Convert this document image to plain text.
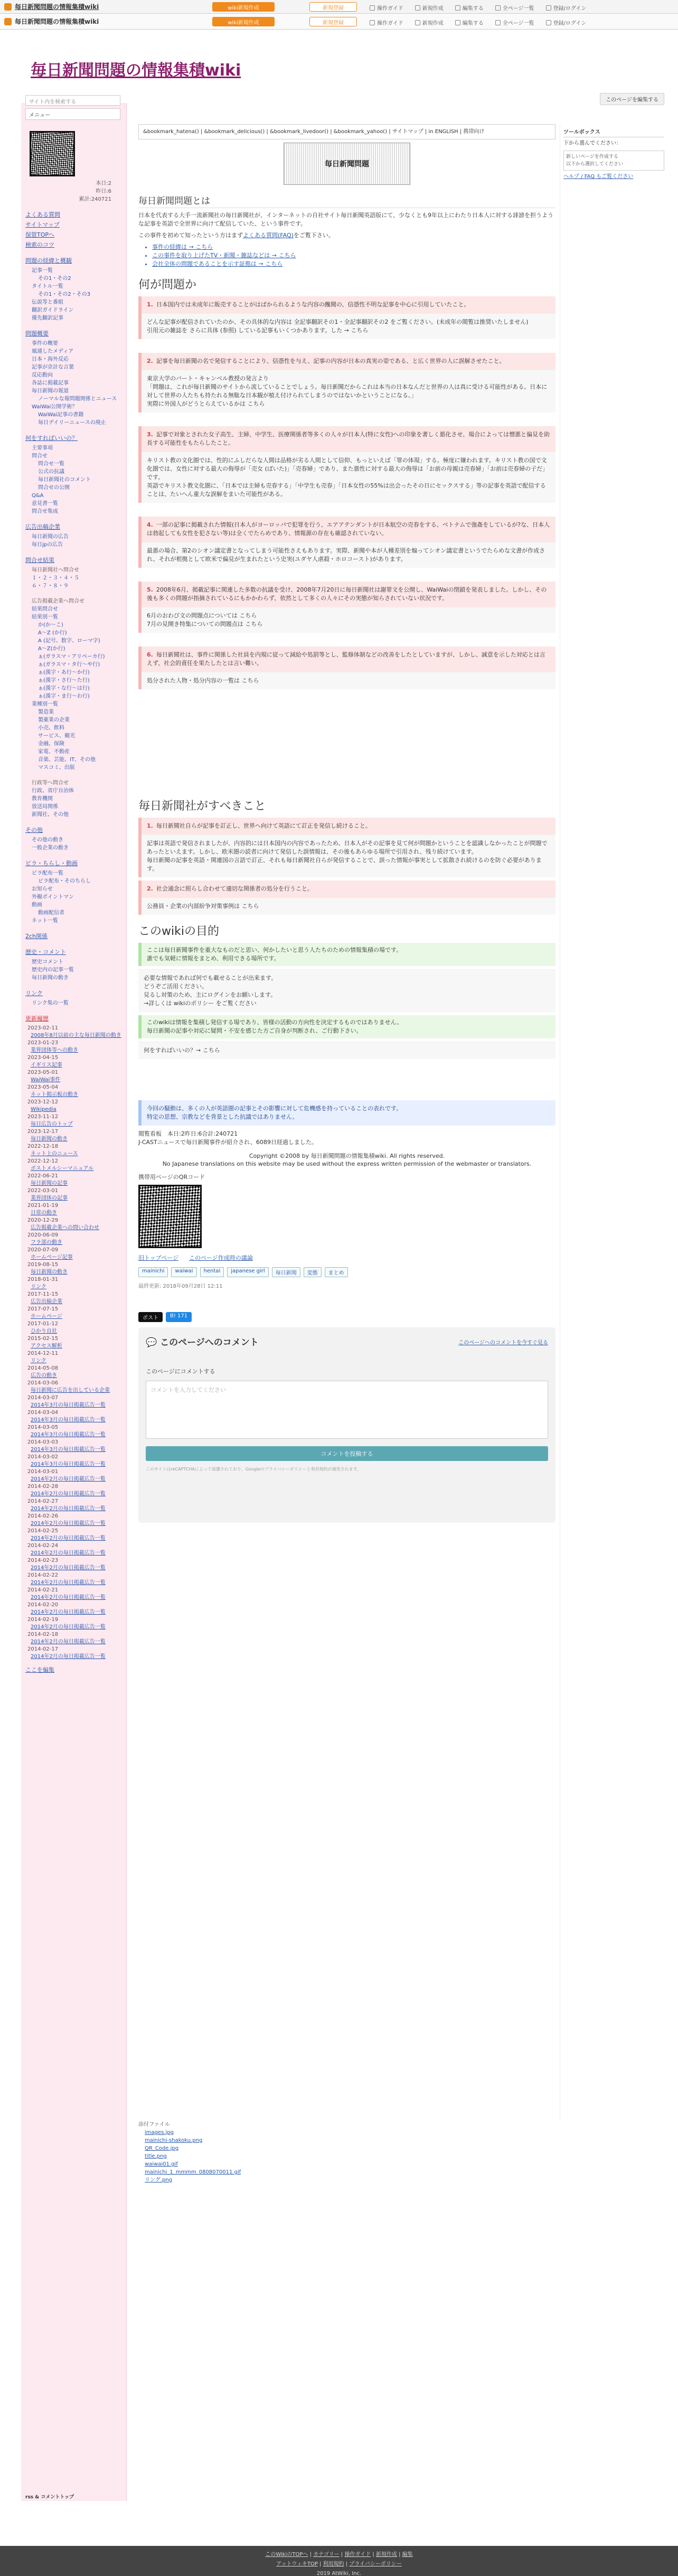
毎日新聞問題の情報集積wiki	wiki新規作成	新規登録	操作ガイド	新規作成	編集する	全ページ一覧	登録/ログイン
毎日新聞問題の情報集積wiki	wiki新規作成	新規登録	操作ガイド	新規作成	編集する	全ページ一覧	登録/ログイン
毎日新聞問題の情報集積wiki
このページを編集する
本日:2
昨日:6
累計:240721
よくある質問
サイトマップ
保管TOPへ
検索のコツ
問題の経緯と概観
記事一覧
その1・その2
タイトル一覧
その1・その2・その3
伝説等と番組
翻訳ガイドライン
優先翻訳記事
問題概要
事件の概要
風通したメディア
日本・海外反応
記事が余計な言葉
反応動向
各誌に掲載記事
毎日新聞の報道
ノーマルな報問題関係とニュース
WaiWai公開学術？
WaiWai記事の書籍
毎日デイリーニュースの廃止
何をすればいいの？
主要事項
問合せ
問合せ一覧
公式の抗議
毎日新聞社のコメント
問合せの公開
Q&A
意見書一覧
問合せ集成
広告出稿企業
毎日新聞の広告
毎日jpの広告
問合せ結果
毎日新聞社へ問合せ
１・２・３・４・５
６・７・８・９
広告掲載企業へ問合せ
結果問合せ
結果別一覧
か(か〜こ)
A〜Z (か行)
A (記号、数字、ローマ字)
A〜Z(か行)
ぁ(ガラスマ・アリペーカ行)
ぁ(ガラスマ・タ行〜や行)
ぁ(漢字・あ行〜か行)
ぁ(漢字・さ行〜た行)
ぁ(漢字・な行〜は行)
ぁ(漢字・ま行〜わ行)
業種別一覧
製造業
製薬業の企業
小売、飲料
サービス、観光
金融、保険
家電、不動産
音楽、芸能、IT、その他
マスコミ、出版
行政等へ問合せ
行政、省庁自治体
教育機関
放送局関係
新聞社、その他
その他
その他の動き
一般企業の動き
ビラ・ちらし・動画
ビラ配布一覧
ビラ配布・そのちらし
お知らせ
外観ポイントマン
動画
動画配信者
ネット一覧
2ch関係
歴史・コメント
歴史コメント
歴史内の記事一覧
毎日新聞の動き
リンク
リンク集の一覧
更新履歴
2023-02-11
2008年8月以前の主な毎日新聞の動き
2023-01-23
業界団体等への動き
2023-04-15
イギリス記事
2023-05-01
WaiWai事件
2023-05-04
ネット掲示板の動き
2023-12-12
Wikipedia
2023-11-12
毎日広告のトップ
2023-12-17
毎日新聞の動き
2022-12-18
ネット上のニュース
2022-12-12
ポストメルシーマニュアル
2022-06-21
毎日新聞の記事
2022-03-01
業界団体の記事
2021-01-19
日常の動き
2020-12-29
広告掲載企業への問い合わせ
2020-06-09
フラ部の動き
2020-07-09
ホームページ記事
2019-08-15
毎日新聞の動き
2018-01-31
リンク
2017-11-15
広告出稿企業
2017-07-15
ホームページ
2017-01-12
ひかり自社
2015-02-15
アクセス解析
2014-12-11
リンク
2014-05-08
広告の動き
2014-03-06
毎日新聞に広告を出している企業
2014-03-07
2014年3月の毎日掲載広告一覧
2014-03-04
2014年3月の毎日掲載広告一覧
2014-03-05
2014年3月の毎日掲載広告一覧
2014-03-03
2014年3月の毎日掲載広告一覧
2014-03-02
2014年3月の毎日掲載広告一覧
2014-03-01
2014年2月の毎日掲載広告一覧
2014-02-28
2014年2月の毎日掲載広告一覧
2014-02-27
2014年2月の毎日掲載広告一覧
2014-02-26
2014年2月の毎日掲載広告一覧
2014-02-25
2014年2月の毎日掲載広告一覧
2014-02-24
2014年2月の毎日掲載広告一覧
2014-02-23
2014年2月の毎日掲載広告一覧
2014-02-22
2014年2月の毎日掲載広告一覧
2014-02-21
2014年2月の毎日掲載広告一覧
2014-02-20
2014年2月の毎日掲載広告一覧
2014-02-19
2014年2月の毎日掲載広告一覧
2014-02-18
2014年2月の毎日掲載広告一覧
2014-02-17
2014年2月の毎日掲載広告一覧
ここを編集
サイト内を検索する
メニュー
rss & コメントトップ
&bookmark_hatena() | &bookmark_delicious() | &bookmark_livedoor() | &bookmark_yahoo() | サイトマップ | in ENGLISH | 携帯向け
毎日新聞問題
毎日新聞問題とは

日本を代表する大手一流新聞社の毎日新聞社が、インターネットの自社サイト毎日新聞英語版にて、少なくとも9年以上にわたり日本人に対する誹謗を担うような記事を英語で全世界に向けて配信していた、という事件です。

この事件を初めて知ったという方はまずよくある質問(FAQ)をご覧下さい。

• 事件の経緯は → こちら
• この事件を取り上げたTV・新聞・雑誌などは → こちら
• 会社全体の問題であることを示す証拠は → こちら
何が問題か
1. 日本国内では未成年に販売することがはばかられるような内容の醜聞の、信憑性不明な記事を中心に引用していたこと。
どんな記事が配信されていたのか、その具体的な内容は 全記事翻訳その1・全記事翻訳その2 をご覧ください。(未成年の閲覧は推奨いたしません)
引用元の雑誌を さらに具体 (参照) している記事もいくつかあります。した → こちら
2. 記事を毎日新聞の名で発信することにより、信憑性を与え、記事の内容が日本の真実の姿である、と広く世界の人に誤解させたこと。
東京大学のバート・キャンベル教授の発言より
「問題は、これが毎日新聞のサイトから流していることでしょう。毎日新聞だからこれは本当の日本なんだと世界の人は真に受ける可能性がある。日本に対して世界の人たちも持たれる無駄な日本観が植え付けられてしまうのではないかということになる。」
実際に外国人がどうとらえているかは こちら
3. 記事で対象とされた女子高生、主婦、中学生、医療関係者等多くの人々が日本人(特に女性)への印象を著しく悪化させ、場合によっては憎悪と偏見を助長する可能性をもたらしたこと。
キリスト教の文化圏では、性的にふしだらな人間は品格が劣る人間として信仰、もっといえば「罪の体現」する。極度に嫌われます。キリスト教の国で文化圏では、女性に対する最大の侮辱が「売女 (ばいた)」「売春婦」であり、また悪性に対する最大の侮辱は「お前の母親は売春婦」「お前は売春婦の子だ」です。
英語でキリスト教文化圏に、「日本では主婦も売春する」「中学生も売春」「日本女性の55%は出会ったその日にセックスする」等の記事を英語で配信することは、たいへん重大な誤解をまいた可能性がある。
4. 一部の記事に掲載された情報(日本人がヨーロッパで犯罪を行う、エアアテンダントが日本航空の売春をする、ベトナムで強姦をしているが?な、日本人は勃起しても女性を犯さない等)は全くでたらめであり、情報源の存在も確認されていない。
最悪の場合、第2のシオン議定書となってしまう可能性さえもあります。実際、新聞や本が人種差別を煽ってシオン議定書というでたらめな文書が作成され、それが根拠として欧米で偏見が生まれたという史実(ユダヤ人虐殺・ホロコースト)があります。
5. 2008年6月、掲載記事に関連した多数の抗議を受け、2008年7月20日に毎日新聞社は謝罪文を公開し、WaiWaiの閉鎖を発表しました。しかし、その後も多くの問題が指摘されているにもかかわらず、依然として多くの人々にその実態が知らされていない状況です。
6月のおわび文の問題点については こちら
7月の見開き特集についての問題点は こちら
6. 毎日新聞社は、事件に関係した社員を内規に従って減給や処罰等とし、監修体制などの改善をしたとしていますが、しかし、誠意を示した対応とは言えず、社会的責任を果たしたとは言い難い。
処分された人物・処分内容の一覧は こちら
毎日新聞社がすべきこと
1. 毎日新聞社自らが記事を訂正し、世界へ向けて英語にて訂正を発信し続けること。
記事は英語で発信されましたが、内容的には日本国内の内容であったため、日本人がその記事を見て何が問題かということを認識しなかったことが問題であったといえます。しかし、欧米圏の読者に向けて発信した誤情報は、その後もあらゆる場所で引用され、残り続けています。
毎日新聞の記事を英語・関連国の言語で訂正、それも毎日新聞社自らが発信することで、誤った情報が事実として拡散され続けるのを防ぐ必要があります。
2. 社会通念に照らし合わせて適切な関係者の処分を行うこと。
公務員・企業の内部紛争対策事例は こちら
このwikiの目的
ここは毎日新聞事件を重大なものだと思い、何かしたいと思う人たちのための情報集積の場です。
誰でも気軽に情報をまとめ、利用できる場所です。
必要な情報であれば何でも載せることが出来ます。
どうぞご活用ください。
見るし対策のため、主にログインをお願いします。
→詳しくは wikiのポリシー をご覧ください
このwikiは情報を集積し発信する場であり、皆様の活動の方向性を決定するものではありません。
毎日新聞の記事や対応に疑問・不安を感じた方ご自身が判断され、ご行動下さい。
何をすればいいの？→ こちら
今回の騒動は、多くの人が英語圏の記事とその影響に対して危機感を持っていることの表れです。
特定の思想、宗教などを背景とした抗議ではありません。
閲覧看板　本日:2昨日:6合計:240721
J-CASTニュースで毎日新聞事件が紹介され、6089日経過しました。
Copyright ©2008 by 毎日新聞問題の情報集積wiki. All rights reserved.
No Japanese translations on this website may be used without the express written permission of the webmaster or translators.
携帯用ページのQRコード
旧トップページ このページ作成時の議論
mainichi	waiwai	hentai	japanese girl	毎日新聞	変態	まとめ
最終更新: 2018年09月28日 12:11
ポスト	B! 171
💬 このページへのコメント	このページへのコメントを今すぐ見る
このページにコメントする
コメントを入力してください
コメントを投稿する
このサイトはreCAPTCHAによって保護されており、Googleのプライバシーポリシーと利用規約が適用されます。
ツールボックス
下から選んでください：
新しいページを作成する
以下から選択してください
ヘルプ / FAQ もご覧ください
添付ファイル
images.jpg
mainichi-shakoku.png
QR_Code.jpg
title.png
waiwai01.gif
mainichi_1_mmmm_0808070011.gif
リング.png
このWikiのTOPへ | カテゴリー | 操作ガイド | 新規作成 | 編集
アットウィキTOP | 利用規約 | プライバシーポリシー
2019 AtWiki, Inc.
